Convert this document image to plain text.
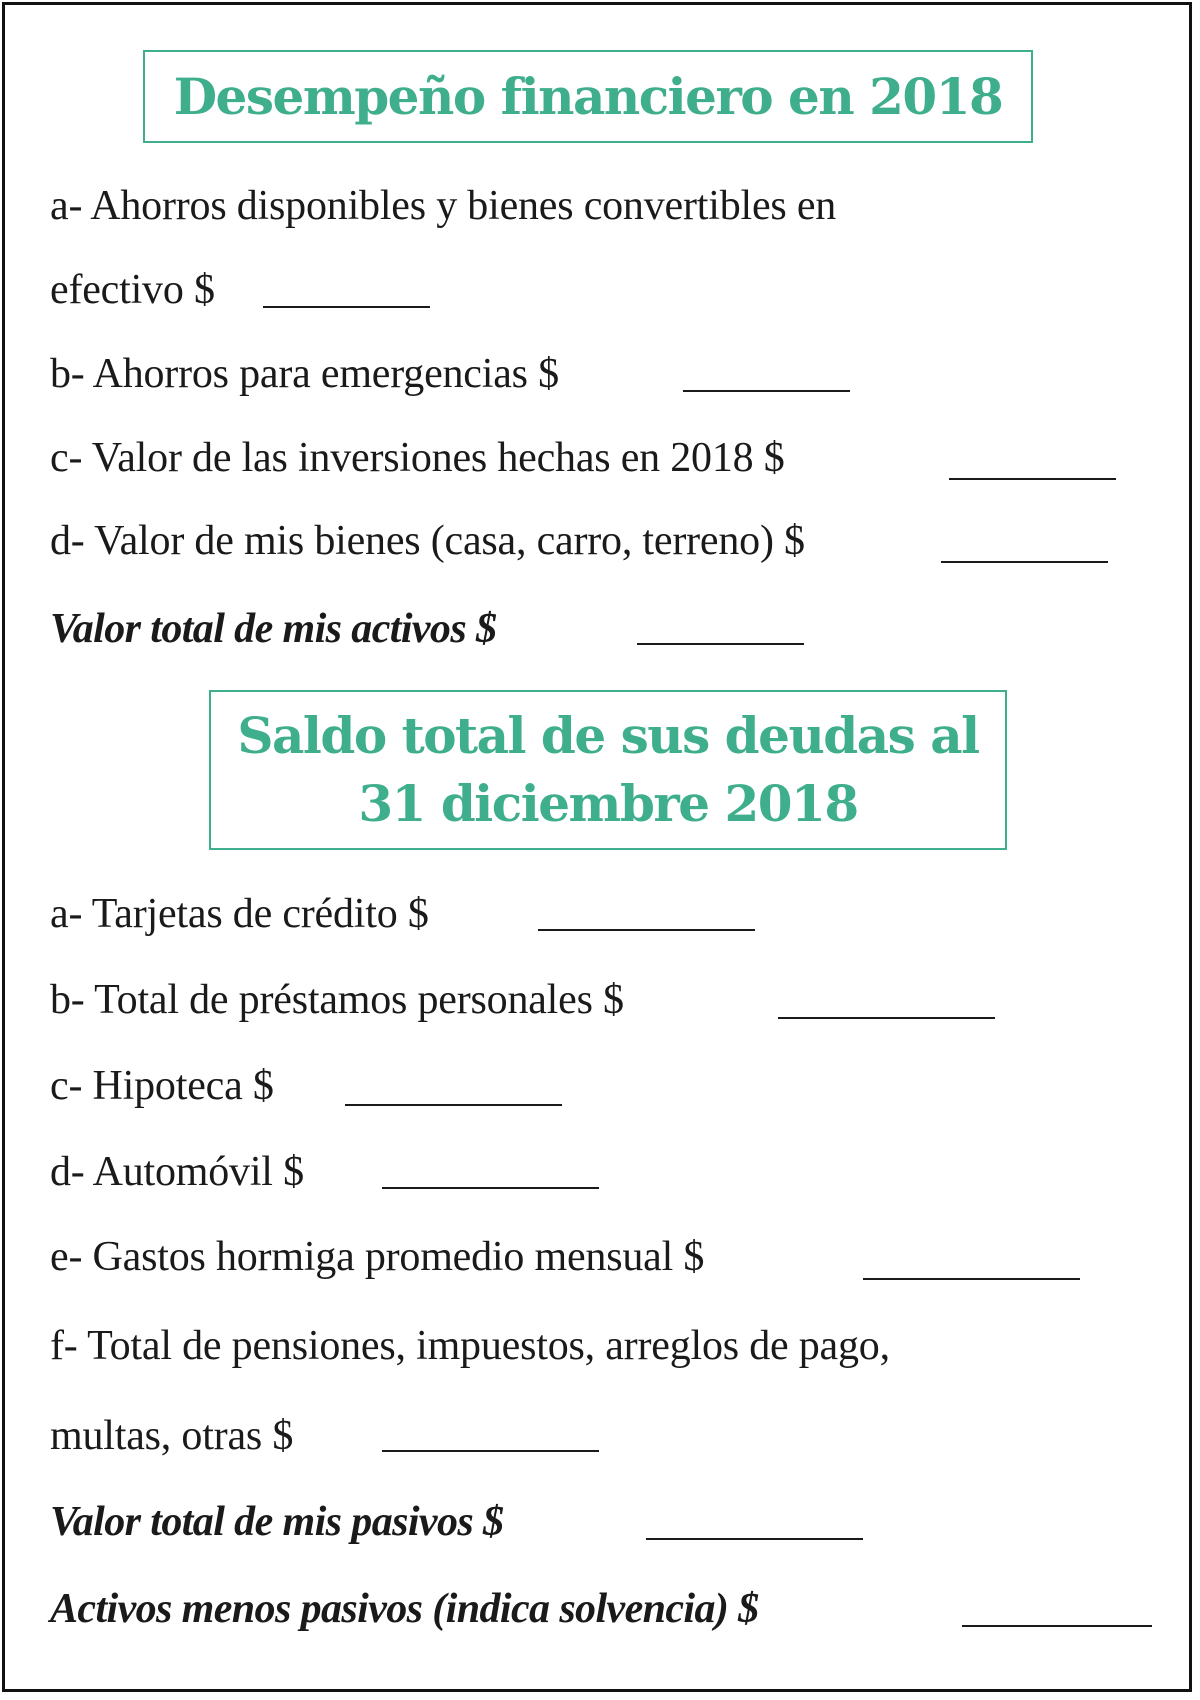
Desempeño financiero en 2018
a- Ahorros disponibles y bienes convertibles en
efectivo $
b- Ahorros para emergencias $
c- Valor de las inversiones hechas en 2018 $
d- Valor de mis bienes (casa, carro, terreno) $
Valor total de mis activos $
Saldo total de sus deudas al 31 diciembre 2018
a- Tarjetas de crédito $
b- Total de préstamos personales $
c- Hipoteca $
d- Automóvil $
e- Gastos hormiga promedio mensual $
f- Total de pensiones, impuestos, arreglos de pago,
multas, otras $
Valor total de mis pasivos $
Activos menos pasivos (indica solvencia) $
